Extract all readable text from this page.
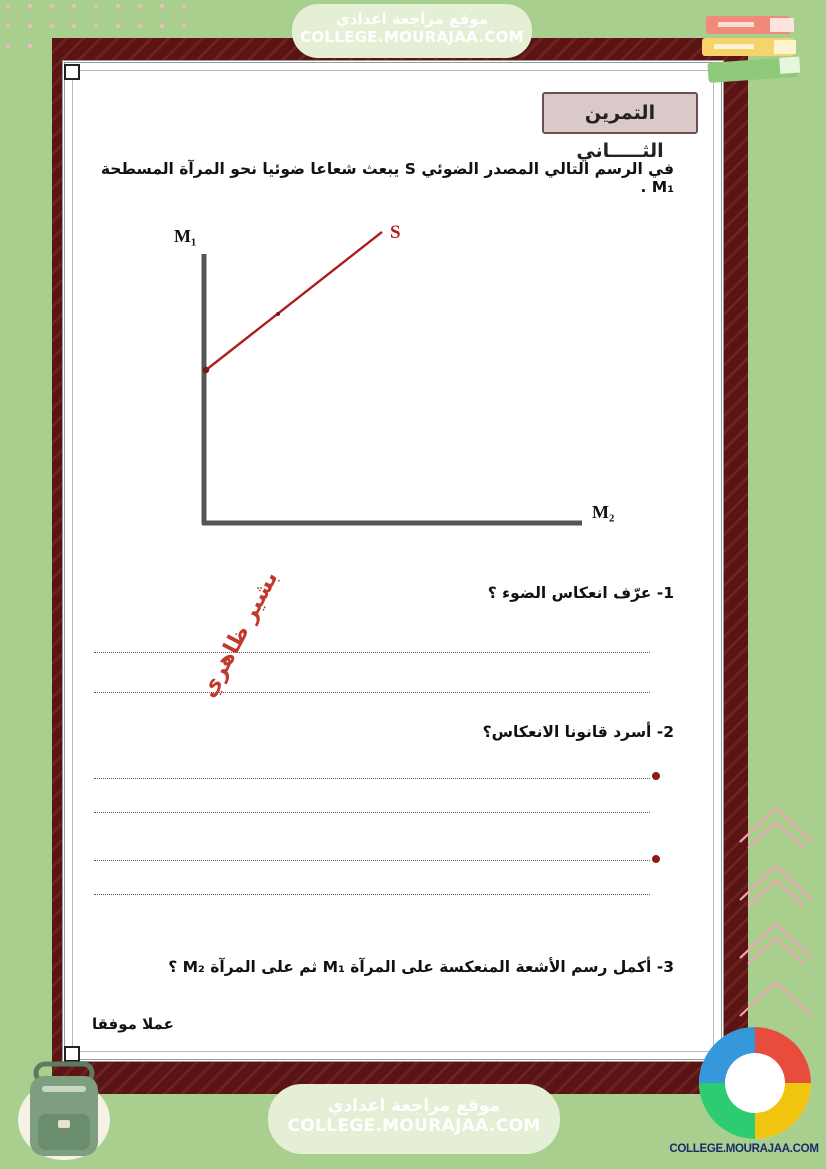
موقع مراجعة اعدادي
COLLEGE.MOURAJAA.COM
التمرين الثـــــاني
في الرسم التالي المصدر الضوئي S يبعث شعاعا ضوئيا نحو المرآة المسطحة M₁ .
M₁
M₂
S
1- عرّف انعكاس الضوء ؟
بشير ظاهري
2- أسرد قانونا الانعكاس؟
3- أكمل رسم الأشعة المنعكسة على المرآة M₁ ثم على المرآة M₂ ؟
عملا موفقا
موقع مراجعة اعدادي
COLLEGE.MOURAJAA.COM
COLLEGE.MOURAJAA.COM
